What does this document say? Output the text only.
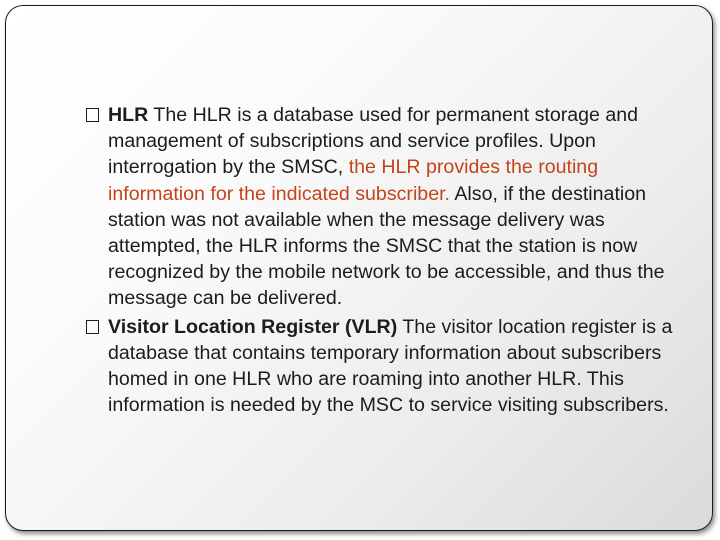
HLR The HLR is a database used for permanent storage and management of subscriptions and service profiles. Upon interrogation by the SMSC, the HLR provides the routing information for the indicated subscriber. Also, if the destination station was not available when the message delivery was attempted, the HLR informs the SMSC that the station is now recognized by the mobile network to be accessible, and thus the message can be delivered.

Visitor Location Register (VLR) The visitor location register is a database that contains temporary information about subscribers homed in one HLR who are roaming into another HLR. This information is needed by the MSC to service visiting subscribers.
